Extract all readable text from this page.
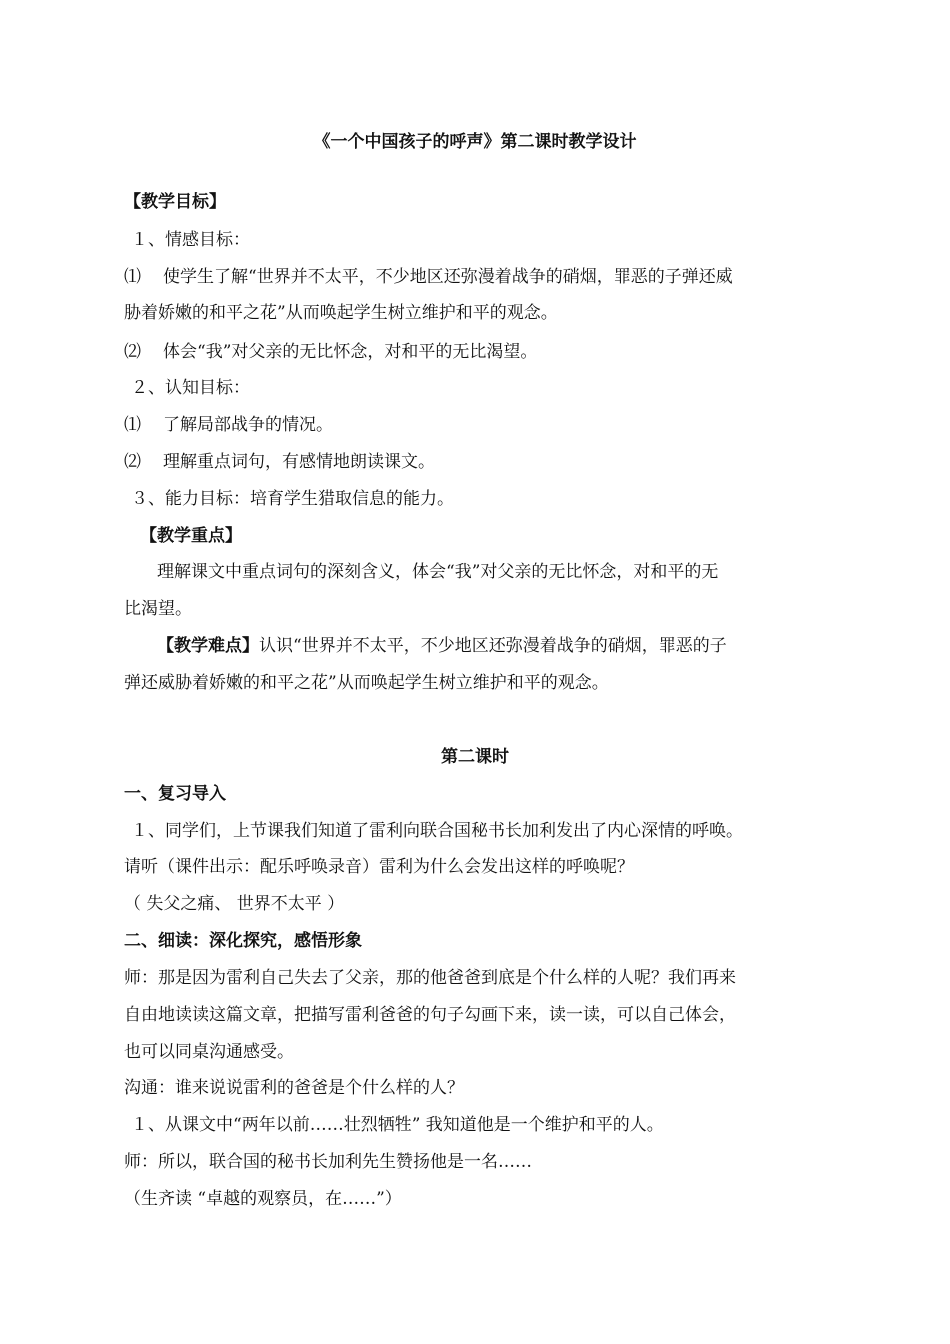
《一个中国孩子的呼声》第二课时教学设计
【教学目标】
１、情感目标：
⑴ 使学生了解“世界并不太平，不少地区还弥漫着战争的硝烟，罪恶的子弹还威
胁着娇嫩的和平之花”从而唤起学生树立维护和平的观念。
⑵ 体会“我”对父亲的无比怀念，对和平的无比渴望。
２、认知目标：
⑴ 了解局部战争的情况。
⑵ 理解重点词句，有感情地朗读课文。
３、能力目标：培育学生猎取信息的能力。
【教学重点】
理解课文中重点词句的深刻含义，体会“我”对父亲的无比怀念，对和平的无
比渴望。
【教学难点】认识“世界并不太平，不少地区还弥漫着战争的硝烟，罪恶的子
弹还威胁着娇嫩的和平之花”从而唤起学生树立维护和平的观念。
第二课时
一、复习导入
１、同学们，上节课我们知道了雷利向联合国秘书长加利发出了内心深情的呼唤。
请听（课件出示：配乐呼唤录音）雷利为什么会发出这样的呼唤呢？
（ 失父之痛、 世界不太平 ）
二、细读：深化探究，感悟形象
师：那是因为雷利自己失去了父亲，那的他爸爸到底是个什么样的人呢？我们再来
自由地读读这篇文章，把描写雷利爸爸的句子勾画下来，读一读，可以自己体会，
也可以同桌沟通感受。
沟通：谁来说说雷利的爸爸是个什么样的人？
１、从课文中“两年以前……壮烈牺牲” 我知道他是一个维护和平的人。
师：所以，联合国的秘书长加利先生赞扬他是一名……
（生齐读 “卓越的观察员，在……”）
